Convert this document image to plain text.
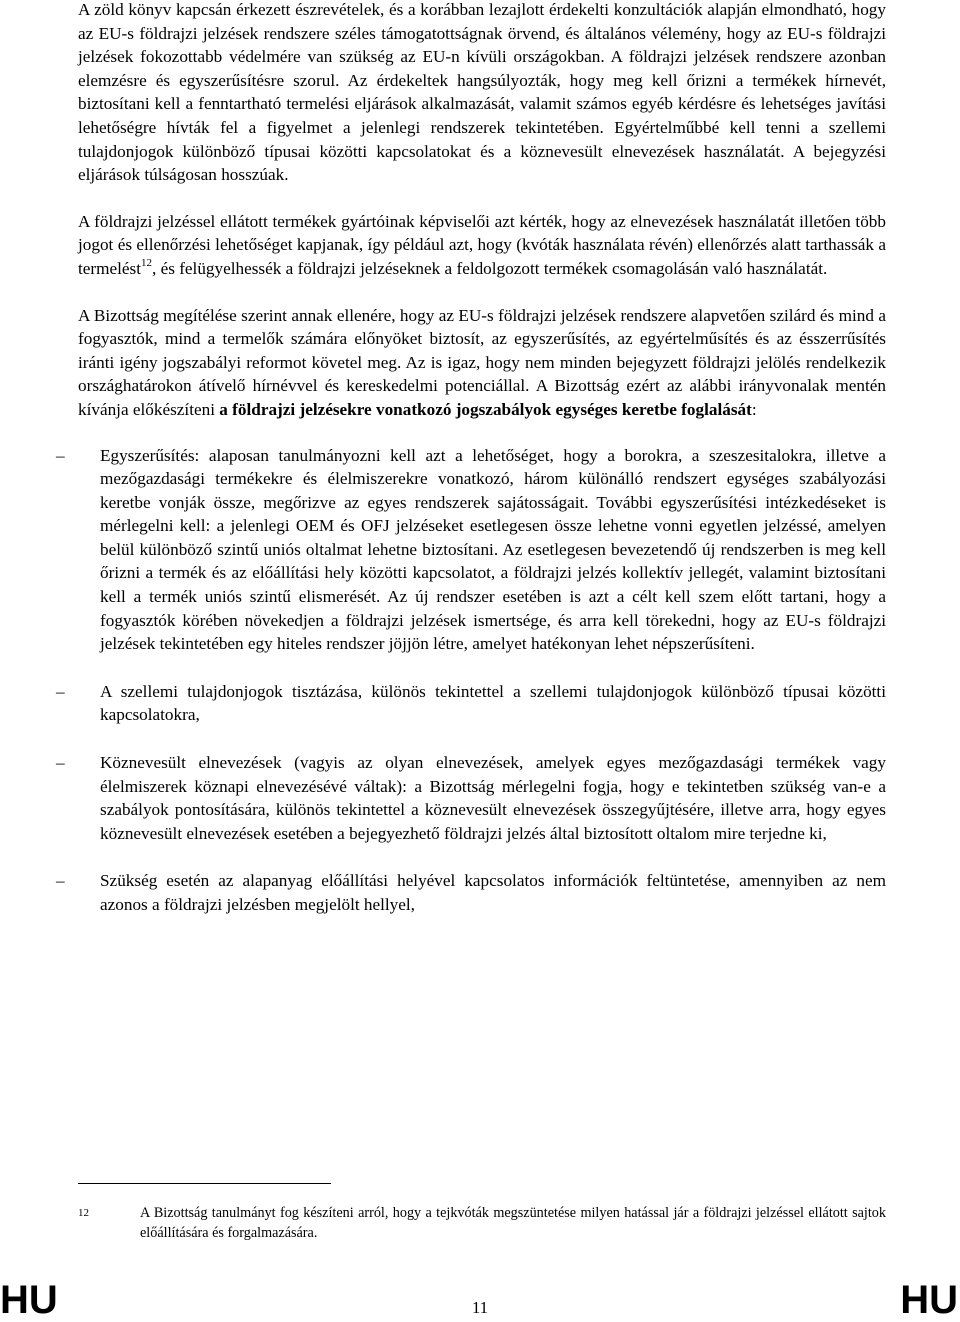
A zöld könyv kapcsán érkezett észrevételek, és a korábban lezajlott érdekelti konzultációk alapján elmondható, hogy az EU-s földrajzi jelzések rendszere széles támogatottságnak örvend, és általános vélemény, hogy az EU-s földrajzi jelzések fokozottabb védelmére van szükség az EU-n kívüli országokban. A földrajzi jelzések rendszere azonban elemzésre és egyszerűsítésre szorul. Az érdekeltek hangsúlyozták, hogy meg kell őrizni a termékek hírnevét, biztosítani kell a fenntartható termelési eljárások alkalmazását, valamit számos egyéb kérdésre és lehetséges javítási lehetőségre hívták fel a figyelmet a jelenlegi rendszerek tekintetében. Egyértelműbbé kell tenni a szellemi tulajdonjogok különböző típusai közötti kapcsolatokat és a köznevesült elnevezések használatát. A bejegyzési eljárások túlságosan hosszúak.

A földrajzi jelzéssel ellátott termékek gyártóinak képviselői azt kérték, hogy az elnevezések használatát illetően több jogot és ellenőrzési lehetőséget kapjanak, így például azt, hogy (kvóták használata révén) ellenőrzés alatt tarthassák a termelést$^{12}$, és felügyelhessék a földrajzi jelzéseknek a feldolgozott termékek csomagolásán való használatát.

A Bizottság megítélése szerint annak ellenére, hogy az EU-s földrajzi jelzések rendszere alapvetően szilárd és mind a fogyasztók, mind a termelők számára előnyöket biztosít, az egyszerűsítés, az egyértelműsítés és az ésszerrűsítés iránti igény jogszabályi reformot követel meg. Az is igaz, hogy nem minden bejegyzett földrajzi jelölés rendelkezik országhatárokon átívelő hírnévvel és kereskedelmi potenciállal. A Bizottság ezért az alábbi irányvonalak mentén kívánja előkészíteni a földrajzi jelzésekre vonatkozó jogszabályok egységes keretbe foglalását:

–	Egyszerűsítés: alaposan tanulmányozni kell azt a lehetőséget, hogy a borokra, a szeszesitalokra, illetve a mezőgazdasági termékekre és élelmiszerekre vonatkozó, három különálló rendszert egységes szabályozási keretbe vonják össze, megőrizve az egyes rendszerek sajátosságait. További egyszerűsítési intézkedéseket is mérlegelni kell: a jelenlegi OEM és OFJ jelzéseket esetlegesen össze lehetne vonni egyetlen jelzéssé, amelyen belül különböző szintű uniós oltalmat lehetne biztosítani. Az esetlegesen bevezetendő új rendszerben is meg kell őrizni a termék és az előállítási hely közötti kapcsolatot, a földrajzi jelzés kollektív jellegét, valamint biztosítani kell a termék uniós szintű elismerését. Az új rendszer esetében is azt a célt kell szem előtt tartani, hogy a fogyasztók körében növekedjen a földrajzi jelzések ismertsége, és arra kell törekedni, hogy az EU-s földrajzi jelzések tekintetében egy hiteles rendszer jöjjön létre, amelyet hatékonyan lehet népszerűsíteni.
–	A szellemi tulajdonjogok tisztázása, különös tekintettel a szellemi tulajdonjogok különböző típusai közötti kapcsolatokra,
–	Köznevesült elnevezések (vagyis az olyan elnevezések, amelyek egyes mezőgazdasági termékek vagy élelmiszerek köznapi elnevezésévé váltak): a Bizottság mérlegelni fogja, hogy e tekintetben szükség van-e a szabályok pontosítására, különös tekintettel a köznevesült elnevezések összegyűjtésére, illetve arra, hogy egyes köznevesült elnevezések esetében a bejegyezhető földrajzi jelzés által biztosított oltalom mire terjedne ki,
–	Szükség esetén az alapanyag előállítási helyével kapcsolatos információk feltüntetése, amennyiben az nem azonos a földrajzi jelzésben megjelölt hellyel,
12	A Bizottság tanulmányt fog készíteni arról, hogy a tejkvóták megszüntetése milyen hatással jár a földrajzi jelzéssel ellátott sajtok előállítására és forgalmazására.
HU	11	HU
